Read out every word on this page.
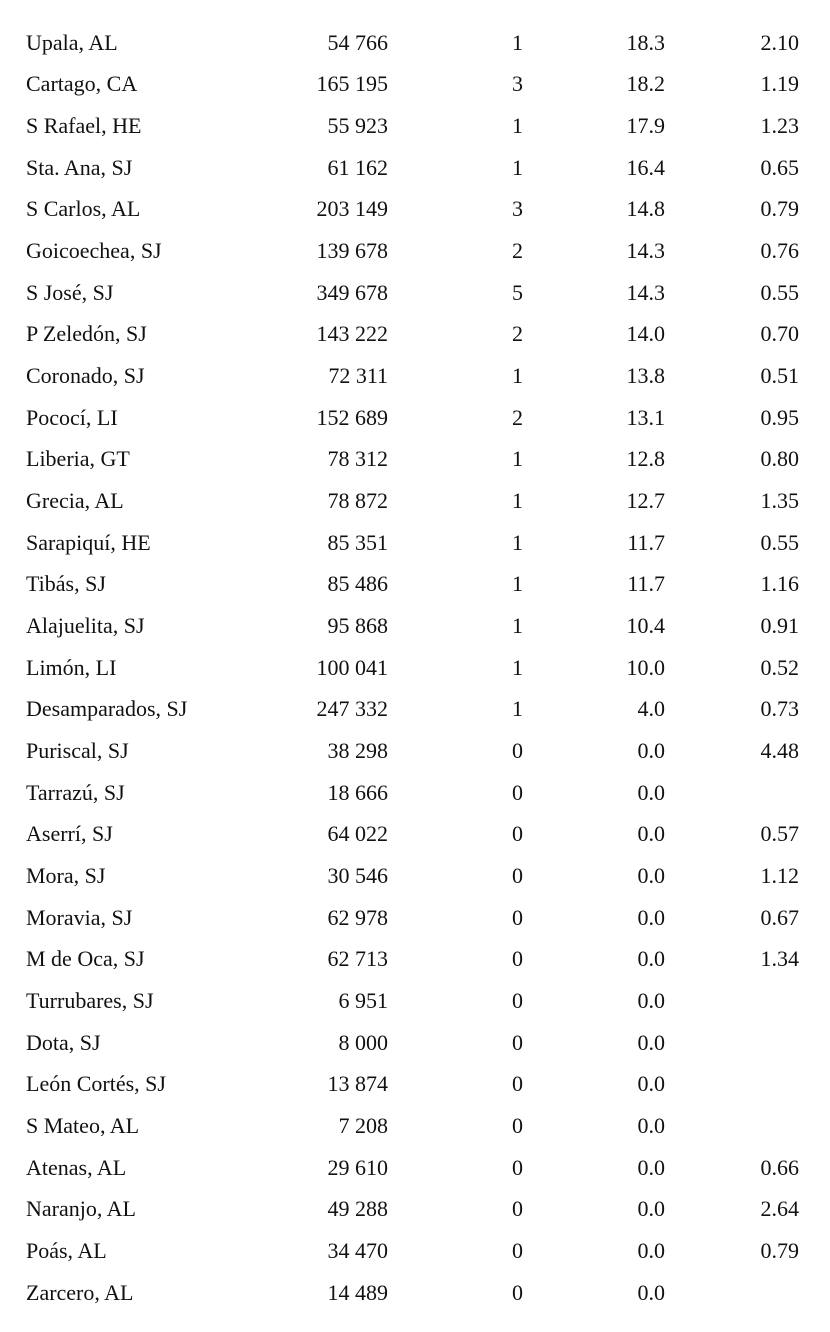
Upala, AL	54 766	1	18.3	2.10
Cartago, CA	165 195	3	18.2	1.19
S Rafael, HE	55 923	1	17.9	1.23
Sta. Ana, SJ	61 162	1	16.4	0.65
S Carlos, AL	203 149	3	14.8	0.79
Goicoechea, SJ	139 678	2	14.3	0.76
S José, SJ	349 678	5	14.3	0.55
P Zeledón, SJ	143 222	2	14.0	0.70
Coronado, SJ	72 311	1	13.8	0.51
Pococí, LI	152 689	2	13.1	0.95
Liberia, GT	78 312	1	12.8	0.80
Grecia, AL	78 872	1	12.7	1.35
Sarapiquí, HE	85 351	1	11.7	0.55
Tibás, SJ	85 486	1	11.7	1.16
Alajuelita, SJ	95 868	1	10.4	0.91
Limón, LI	100 041	1	10.0	0.52
Desamparados, SJ	247 332	1	4.0	0.73
Puriscal, SJ	38 298	0	0.0	4.48
Tarrazú, SJ	18 666	0	0.0	
Aserrí, SJ	64 022	0	0.0	0.57
Mora, SJ	30 546	0	0.0	1.12
Moravia, SJ	62 978	0	0.0	0.67
M de Oca, SJ	62 713	0	0.0	1.34
Turrubares, SJ	6 951	0	0.0	
Dota, SJ	8 000	0	0.0	
León Cortés, SJ	13 874	0	0.0	
S Mateo, AL	7 208	0	0.0	
Atenas, AL	29 610	0	0.0	0.66
Naranjo, AL	49 288	0	0.0	2.64
Poás, AL	34 470	0	0.0	0.79
Zarcero, AL	14 489	0	0.0	
